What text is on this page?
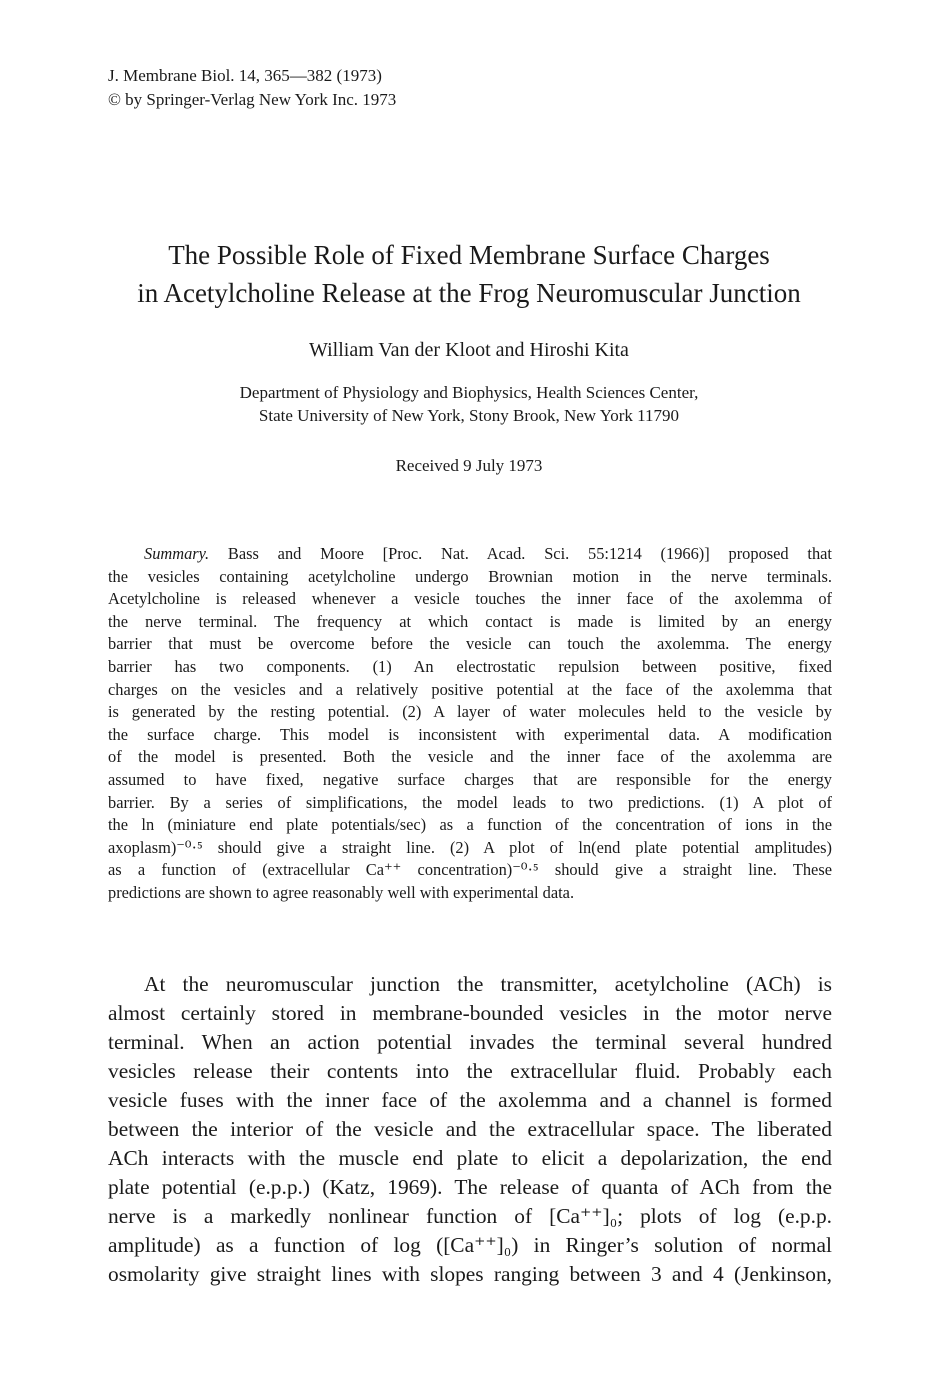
J. Membrane Biol. 14, 365—382 (1973)
© by Springer-Verlag New York Inc. 1973
The Possible Role of Fixed Membrane Surface Charges
in Acetylcholine Release at the Frog Neuromuscular Junction
William Van der Kloot and Hiroshi Kita
Department of Physiology and Biophysics, Health Sciences Center,
State University of New York, Stony Brook, New York 11790
Received 9 July 1973
Summary. Bass and Moore [Proc. Nat. Acad. Sci. 55:1214 (1966)] proposed that
the vesicles containing acetylcholine undergo Brownian motion in the nerve terminals.
Acetylcholine is released whenever a vesicle touches the inner face of the axolemma of
the nerve terminal. The frequency at which contact is made is limited by an energy
barrier that must be overcome before the vesicle can touch the axolemma. The energy
barrier has two components. (1) An electrostatic repulsion between positive, fixed
charges on the vesicles and a relatively positive potential at the face of the axolemma that
is generated by the resting potential. (2) A layer of water molecules held to the vesicle by
the surface charge. This model is inconsistent with experimental data. A modification
of the model is presented. Both the vesicle and the inner face of the axolemma are
assumed to have fixed, negative surface charges that are responsible for the energy
barrier. By a series of simplifications, the model leads to two predictions. (1) A plot of
the ln (miniature end plate potentials/sec) as a function of the concentration of ions in the
axoplasm)⁻⁰·⁵ should give a straight line. (2) A plot of ln(end plate potential amplitudes)
as a function of (extracellular Ca⁺⁺ concentration)⁻⁰·⁵ should give a straight line. These
predictions are shown to agree reasonably well with experimental data.
At the neuromuscular junction the transmitter, acetylcholine (ACh) is
almost certainly stored in membrane-bounded vesicles in the motor nerve
terminal. When an action potential invades the terminal several hundred
vesicles release their contents into the extracellular fluid. Probably each
vesicle fuses with the inner face of the axolemma and a channel is formed
between the interior of the vesicle and the extracellular space. The liberated
ACh interacts with the muscle end plate to elicit a depolarization, the end
plate potential (e.p.p.) (Katz, 1969). The release of quanta of ACh from the
nerve is a markedly nonlinear function of [Ca⁺⁺]₀; plots of log (e.p.p.
amplitude) as a function of log ([Ca⁺⁺]₀) in Ringer’s solution of normal
osmolarity give straight lines with slopes ranging between 3 and 4 (Jenkinson,
